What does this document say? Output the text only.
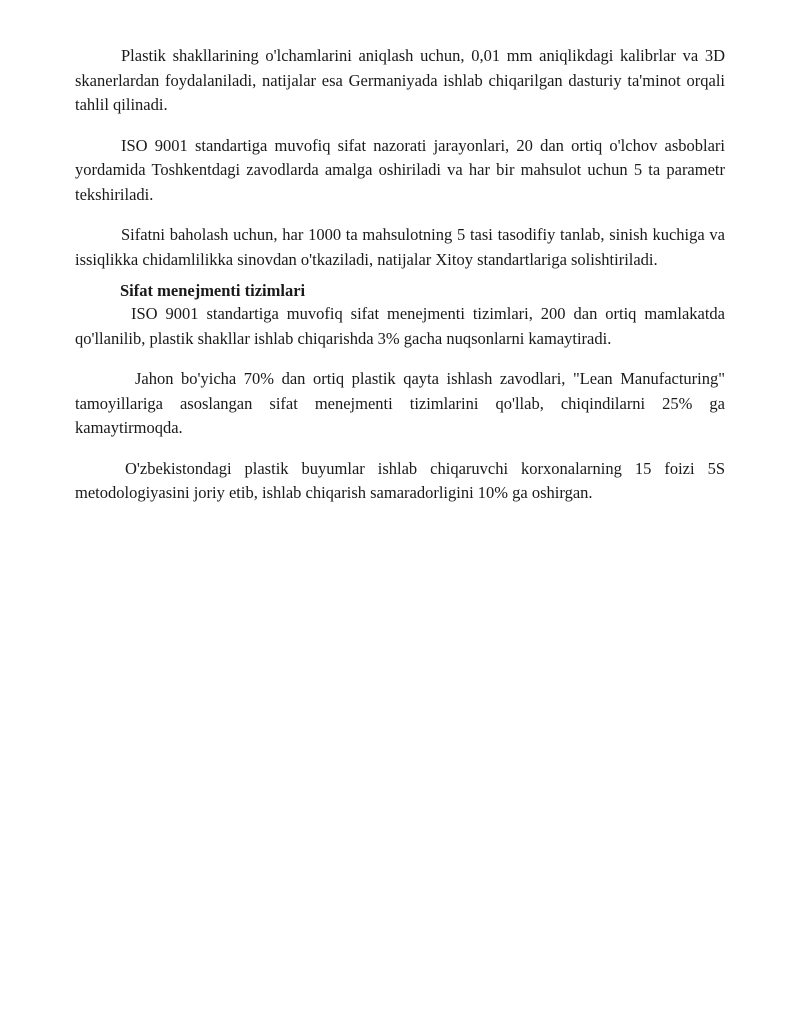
Plastik shakllarining o'lchamlarini aniqlash uchun, 0,01 mm aniqlikdagi kalibrlar va 3D skanerlardan foydalaniladi, natijalar esa Germaniyada ishlab chiqarilgan dasturiy ta'minot orqali tahlil qilinadi.

ISO 9001 standartiga muvofiq sifat nazorati jarayonlari, 20 dan ortiq o'lchov asboblari yordamida Toshkentdagi zavodlarda amalga oshiriladi va har bir mahsulot uchun 5 ta parametr tekshiriladi.

Sifatni baholash uchun, har 1000 ta mahsulotning 5 tasi tasodifiy tanlab, sinish kuchiga va issiqlikka chidamlilikka sinovdan o'tkaziladi, natijalar Xitoy standartlariga solishtiriladi.

Sifat menejmenti tizimlari

ISO 9001 standartiga muvofiq sifat menejmenti tizimlari, 200 dan ortiq mamlakatda qo'llanilib, plastik shakllar ishlab chiqarishda 3% gacha nuqsonlarni kamaytiradi.

Jahon bo'yicha 70% dan ortiq plastik qayta ishlash zavodlari, "Lean Manufacturing" tamoyillariga asoslangan sifat menejmenti tizimlarini qo'llab, chiqindilarni 25% ga kamaytirmoqda.

O'zbekistondagi plastik buyumlar ishlab chiqaruvchi korxonalarning 15 foizi 5S metodologiyasini joriy etib, ishlab chiqarish samaradorligini 10% ga oshirgan.
